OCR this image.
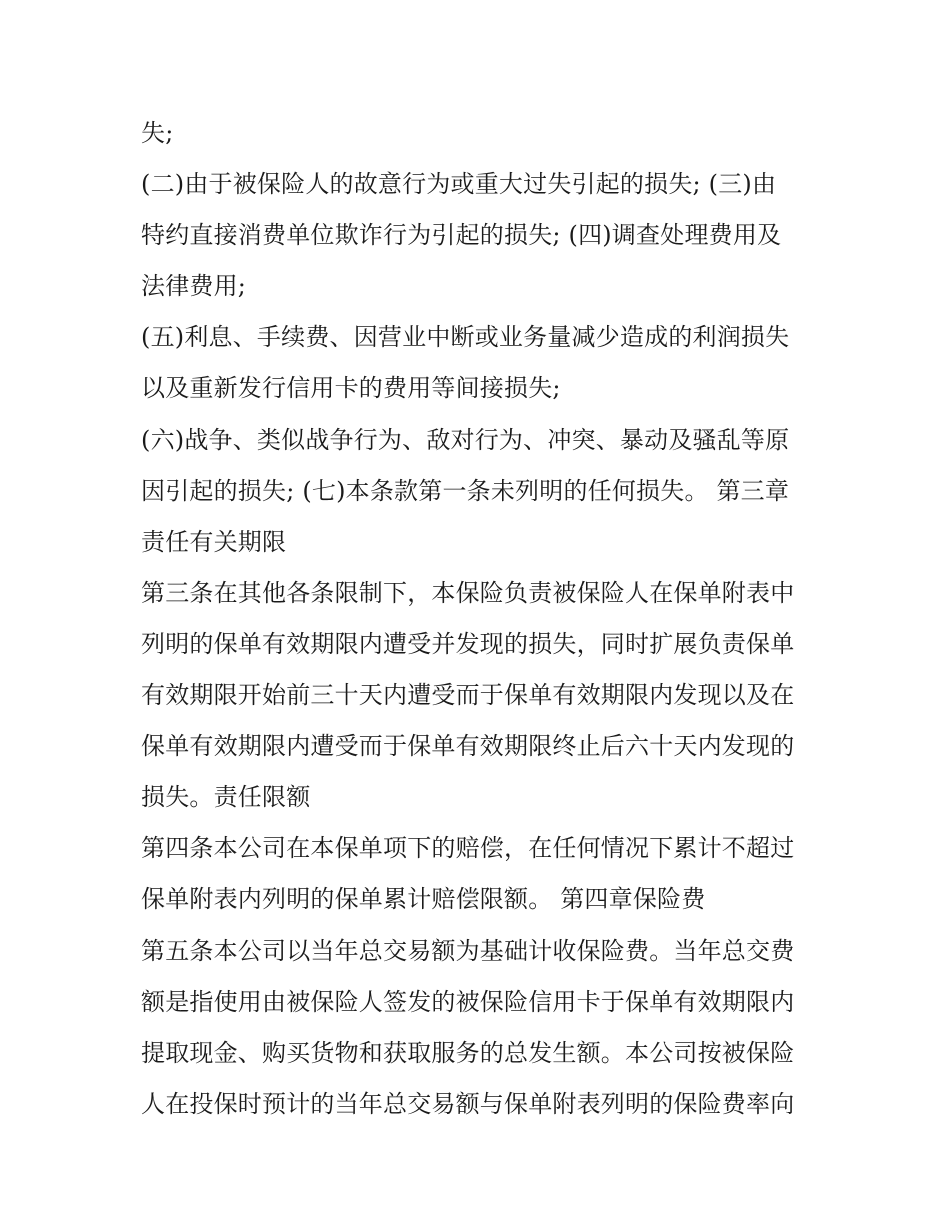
失;
(二)由于被保险人的故意行为或重大过失引起的损失; (三)由
特约直接消费单位欺诈行为引起的损失; (四)调查处理费用及
法律费用;
(五)利息、手续费、因营业中断或业务量减少造成的利润损失
以及重新发行信用卡的费用等间接损失;
(六)战争、类似战争行为、敌对行为、冲突、暴动及骚乱等原
因引起的损失; (七)本条款第一条未列明的任何损失。 第三章
责任有关期限
第三条在其他各条限制下，本保险负责被保险人在保单附表中
列明的保单有效期限内遭受并发现的损失，同时扩展负责保单
有效期限开始前三十天内遭受而于保单有效期限内发现以及在
保单有效期限内遭受而于保单有效期限终止后六十天内发现的
损失。责任限额
第四条本公司在本保单项下的赔偿，在任何情况下累计不超过
保单附表内列明的保单累计赔偿限额。 第四章保险费
第五条本公司以当年总交易额为基础计收保险费。当年总交费
额是指使用由被保险人签发的被保险信用卡于保单有效期限内
提取现金、购买货物和获取服务的总发生额。本公司按被保险
人在投保时预计的当年总交易额与保单附表列明的保险费率向
